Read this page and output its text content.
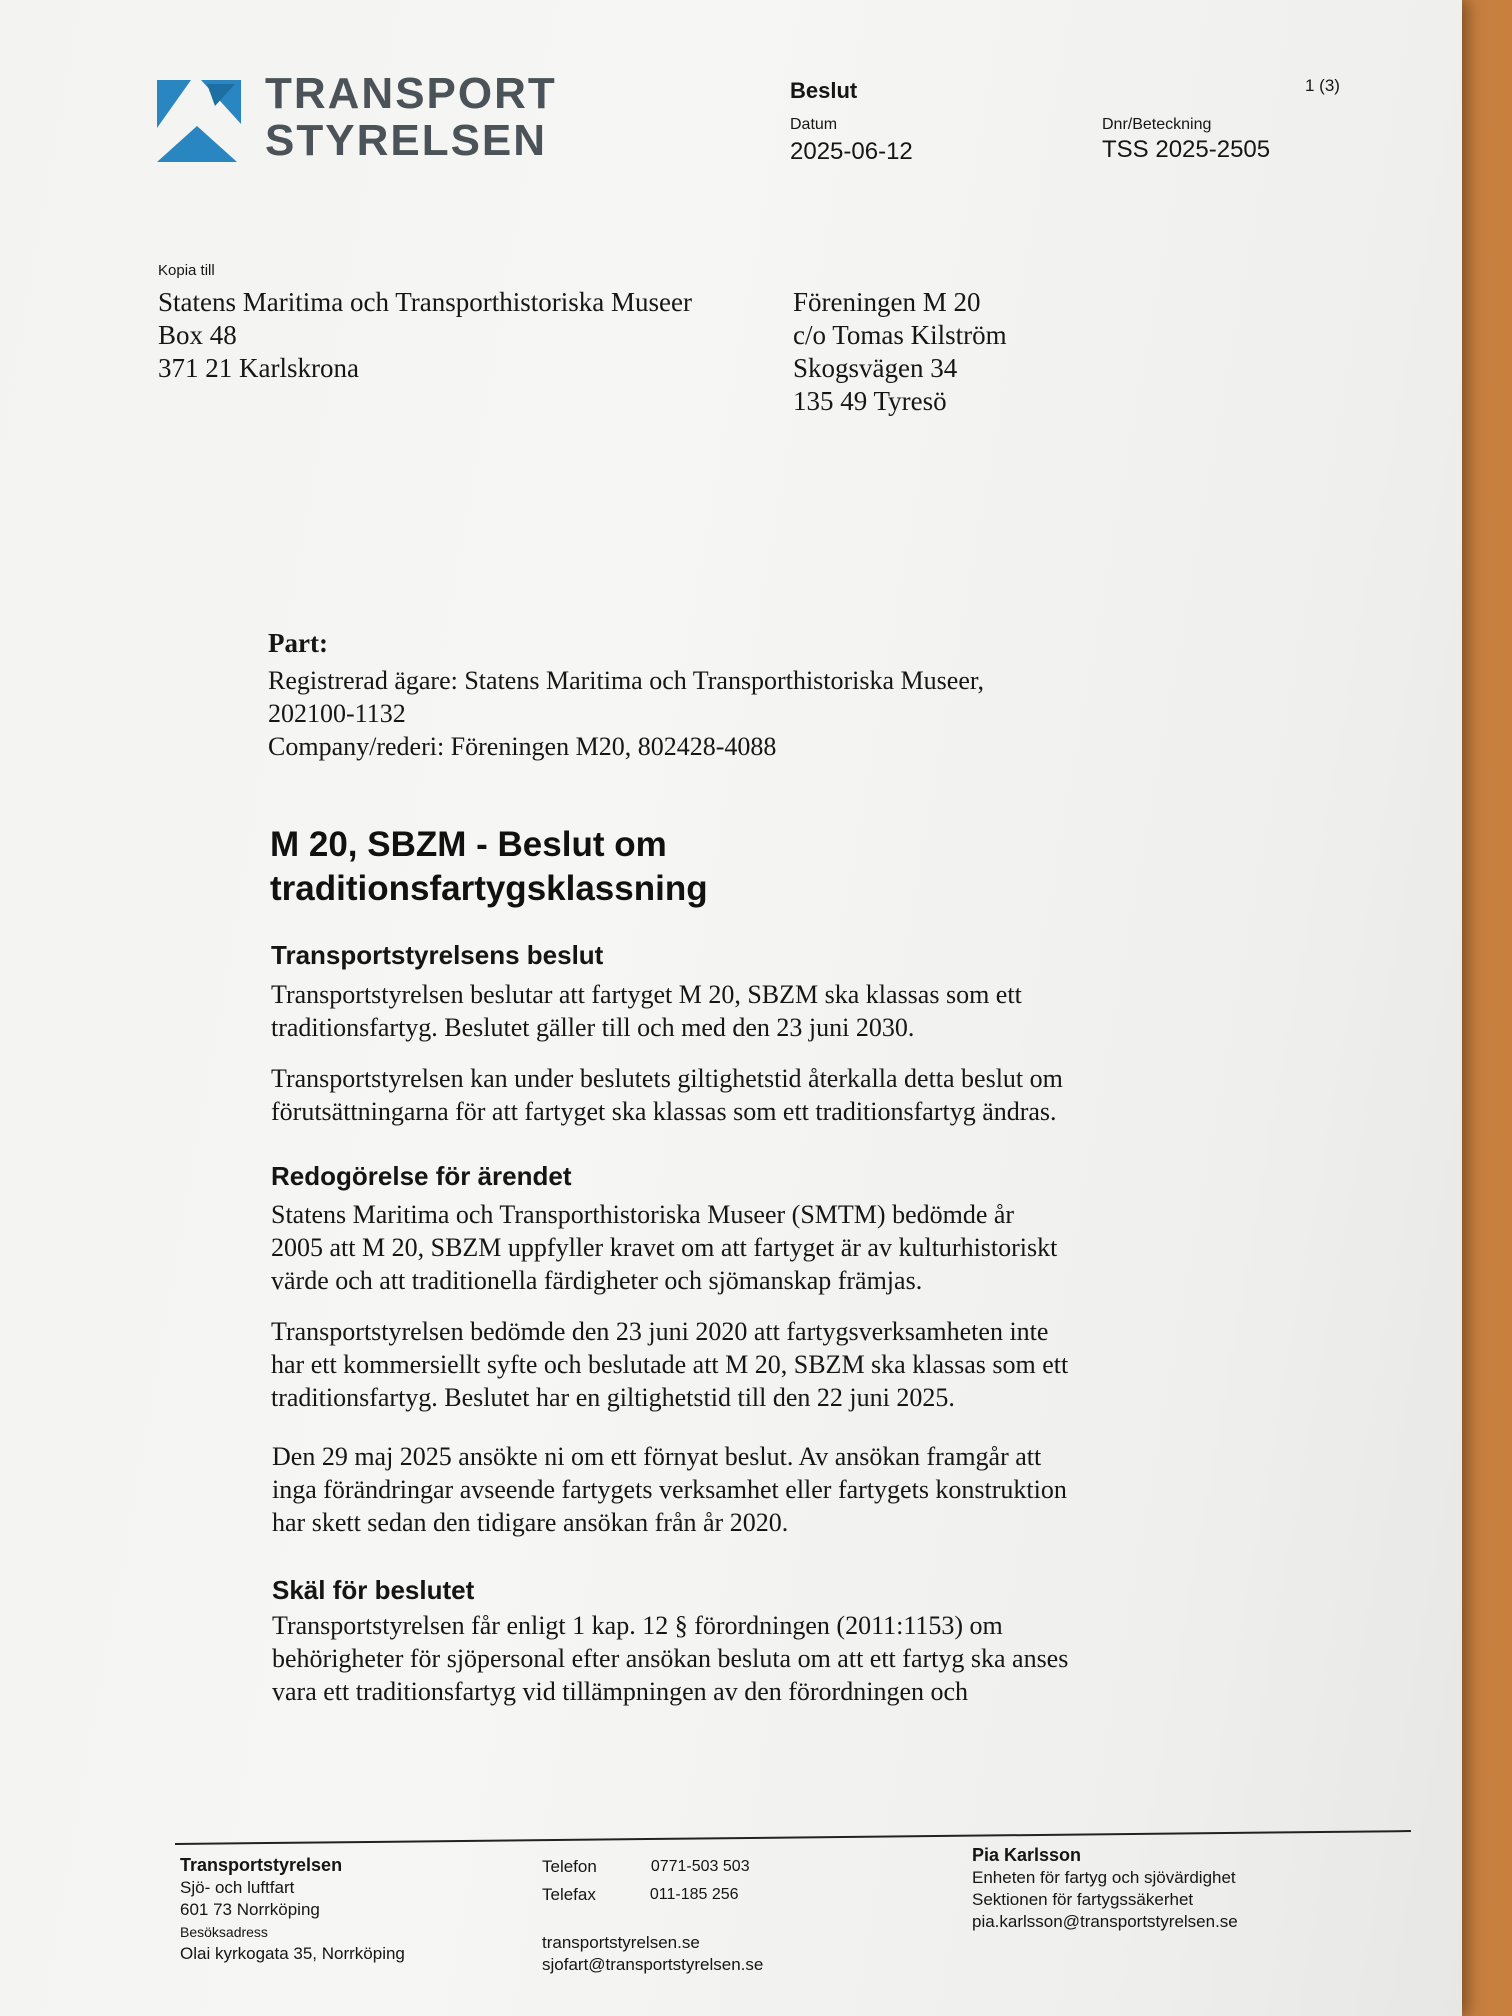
TRANSPORT
STYRELSEN
Beslut	1 (3)
Datum
2025-06-12
Dnr/Beteckning
TSS 2025-2505
Kopia till
Statens Maritima och Transporthistoriska Museer
Box 48
371 21 Karlskrona
Föreningen M 20
c/o Tomas Kilström
Skogsvägen 34
135 49 Tyresö
Part:
Registrerad ägare: Statens Maritima och Transporthistoriska Museer,
202100-1132
Company/rederi: Föreningen M20, 802428-4088
M 20, SBZM - Beslut om
traditionsfartygsklassning
Transportstyrelsens beslut
Transportstyrelsen beslutar att fartyget M 20, SBZM ska klassas som ett
traditionsfartyg. Beslutet gäller till och med den 23 juni 2030.
Transportstyrelsen kan under beslutets giltighetstid återkalla detta beslut om
förutsättningarna för att fartyget ska klassas som ett traditionsfartyg ändras.
Redogörelse för ärendet
Statens Maritima och Transporthistoriska Museer (SMTM) bedömde år
2005 att M 20, SBZM uppfyller kravet om att fartyget är av kulturhistoriskt
värde och att traditionella färdigheter och sjömanskap främjas.
Transportstyrelsen bedömde den 23 juni 2020 att fartygsverksamheten inte
har ett kommersiellt syfte och beslutade att M 20, SBZM ska klassas som ett
traditionsfartyg. Beslutet har en giltighetstid till den 22 juni 2025.
Den 29 maj 2025 ansökte ni om ett förnyat beslut. Av ansökan framgår att
inga förändringar avseende fartygets verksamhet eller fartygets konstruktion
har skett sedan den tidigare ansökan från år 2020.
Skäl för beslutet
Transportstyrelsen får enligt 1 kap. 12 § förordningen (2011:1153) om
behörigheter för sjöpersonal efter ansökan besluta om att ett fartyg ska anses
vara ett traditionsfartyg vid tillämpningen av den förordningen och
Transportstyrelsen
Sjö- och luftfart
601 73 Norrköping
Besöksadress
Olai kyrkogata 35, Norrköping
Telefon	0771-503 503
Telefax	011-185 256
transportstyrelsen.se
sjofart@transportstyrelsen.se
Pia Karlsson
Enheten för fartyg och sjövärdighet
Sektionen för fartygssäkerhet
pia.karlsson@transportstyrelsen.se
